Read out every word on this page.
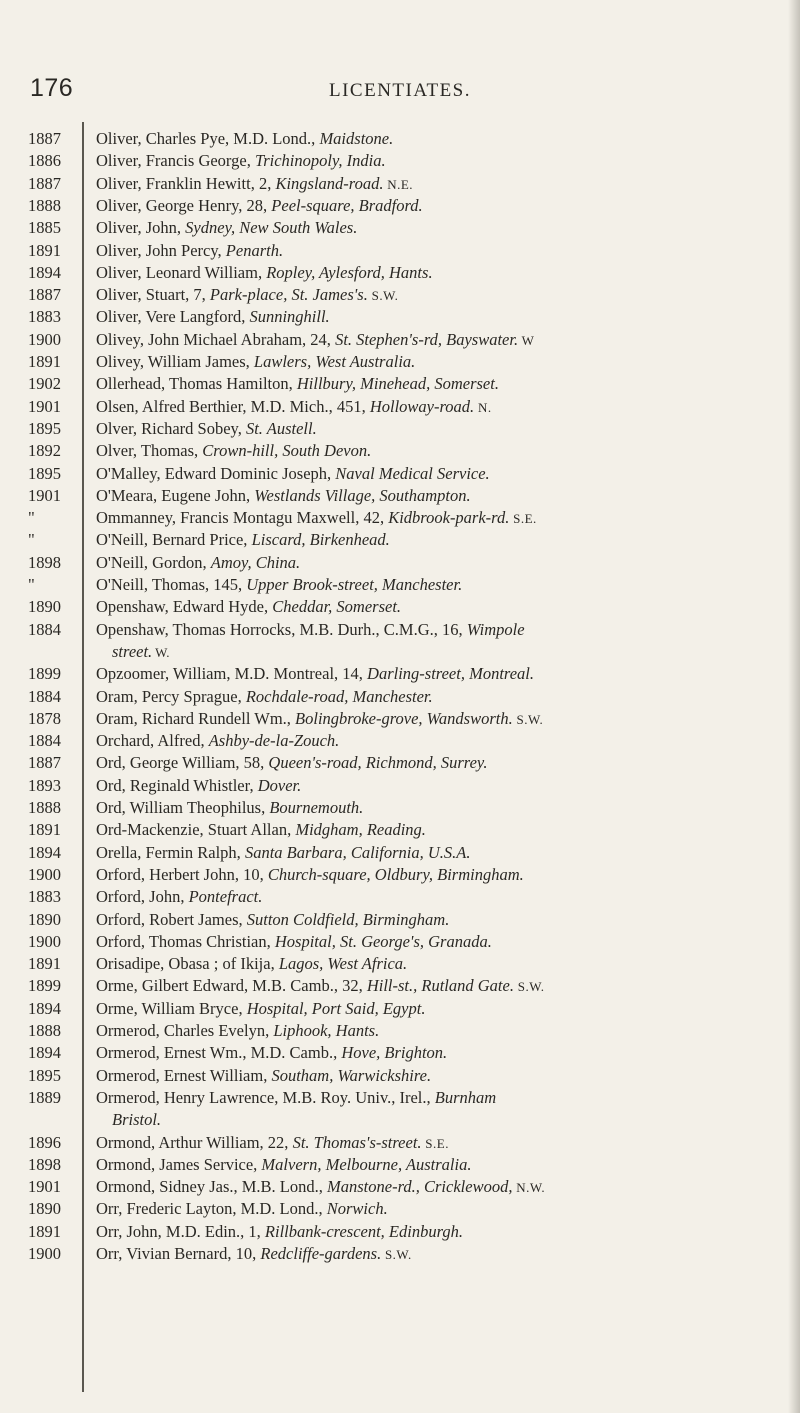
176	LICENTIATES.
1887	Oliver, Charles Pye, M.D. Lond., Maidstone.
1886	Oliver, Francis George, Trichinopoly, India.
1887	Oliver, Franklin Hewitt, 2, Kingsland-road. N.E.
1888	Oliver, George Henry, 28, Peel-square, Bradford.
1885	Oliver, John, Sydney, New South Wales.
1891	Oliver, John Percy, Penarth.
1894	Oliver, Leonard William, Ropley, Aylesford, Hants.
1887	Oliver, Stuart, 7, Park-place, St. James's. S.W.
1883	Oliver, Vere Langford, Sunninghill.
1900	Olivey, John Michael Abraham, 24, St. Stephen's-rd, Bayswater. W
1891	Olivey, William James, Lawlers, West Australia.
1902	Ollerhead, Thomas Hamilton, Hillbury, Minehead, Somerset.
1901	Olsen, Alfred Berthier, M.D. Mich., 451, Holloway-road. N.
1895	Olver, Richard Sobey, St. Austell.
1892	Olver, Thomas, Crown-hill, South Devon.
1895	O'Malley, Edward Dominic Joseph, Naval Medical Service.
1901	O'Meara, Eugene John, Westlands Village, Southampton.
"	Ommanney, Francis Montagu Maxwell, 42, Kidbrook-park-rd. S.E.
"	O'Neill, Bernard Price, Liscard, Birkenhead.
1898	O'Neill, Gordon, Amoy, China.
"	O'Neill, Thomas, 145, Upper Brook-street, Manchester.
1890	Openshaw, Edward Hyde, Cheddar, Somerset.
1884	Openshaw, Thomas Horrocks, M.B. Durh., C.M.G., 16, Wimpole
street. W.
1899	Opzoomer, William, M.D. Montreal, 14, Darling-street, Montreal.
1884	Oram, Percy Sprague, Rochdale-road, Manchester.
1878	Oram, Richard Rundell Wm., Bolingbroke-grove, Wandsworth. S.W.
1884	Orchard, Alfred, Ashby-de-la-Zouch.
1887	Ord, George William, 58, Queen's-road, Richmond, Surrey.
1893	Ord, Reginald Whistler, Dover.
1888	Ord, William Theophilus, Bournemouth.
1891	Ord-Mackenzie, Stuart Allan, Midgham, Reading.
1894	Orella, Fermin Ralph, Santa Barbara, California, U.S.A.
1900	Orford, Herbert John, 10, Church-square, Oldbury, Birmingham.
1883	Orford, John, Pontefract.
1890	Orford, Robert James, Sutton Coldfield, Birmingham.
1900	Orford, Thomas Christian, Hospital, St. George's, Granada.
1891	Orisadipe, Obasa ; of Ikija, Lagos, West Africa.
1899	Orme, Gilbert Edward, M.B. Camb., 32, Hill-st., Rutland Gate. S.W.
1894	Orme, William Bryce, Hospital, Port Said, Egypt.
1888	Ormerod, Charles Evelyn, Liphook, Hants.
1894	Ormerod, Ernest Wm., M.D. Camb., Hove, Brighton.
1895	Ormerod, Ernest William, Southam, Warwickshire.
1889	Ormerod, Henry Lawrence, M.B. Roy. Univ., Irel., Burnham
Bristol.
1896	Ormond, Arthur William, 22, St. Thomas's-street. S.E.
1898	Ormond, James Service, Malvern, Melbourne, Australia.
1901	Ormond, Sidney Jas., M.B. Lond., Manstone-rd., Cricklewood, N.W.
1890	Orr, Frederic Layton, M.D. Lond., Norwich.
1891	Orr, John, M.D. Edin., 1, Rillbank-crescent, Edinburgh.
1900	Orr, Vivian Bernard, 10, Redcliffe-gardens. S.W.
